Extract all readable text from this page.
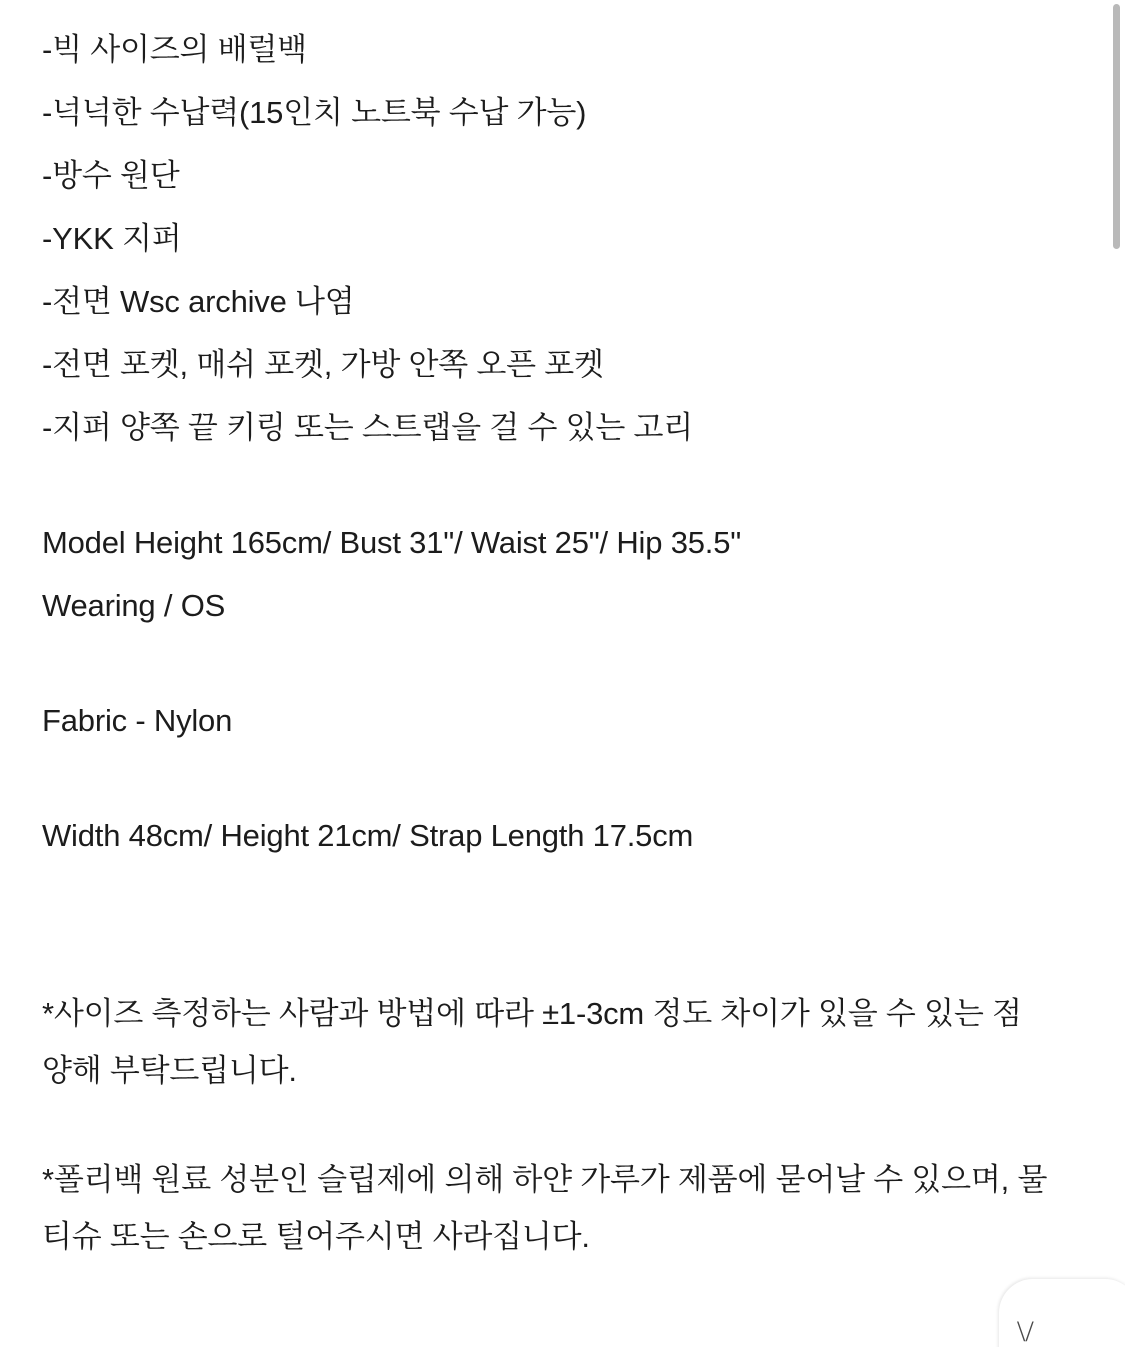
-빅 사이즈의 배럴백
-넉넉한 수납력(15인치 노트북 수납 가능)
-방수 원단
-YKK 지퍼
-전면 Wsc archive 나염
-전면 포켓, 매쉬 포켓, 가방 안쪽 오픈 포켓
-지퍼 양쪽 끝 키링 또는 스트랩을 걸 수 있는 고리
Model Height 165cm/ Bust 31"/ Waist 25"/ Hip 35.5"
Wearing / OS
Fabric - Nylon
Width 48cm/ Height 21cm/ Strap Length 17.5cm
*사이즈 측정하는 사람과 방법에 따라 ±1-3cm 정도 차이가 있을 수 있는 점
양해 부탁드립니다.
*폴리백 원료 성분인 슬립제에 의해 하얀 가루가 제품에 묻어날 수 있으며, 물
티슈 또는 손으로 털어주시면 사라집니다.
\/
